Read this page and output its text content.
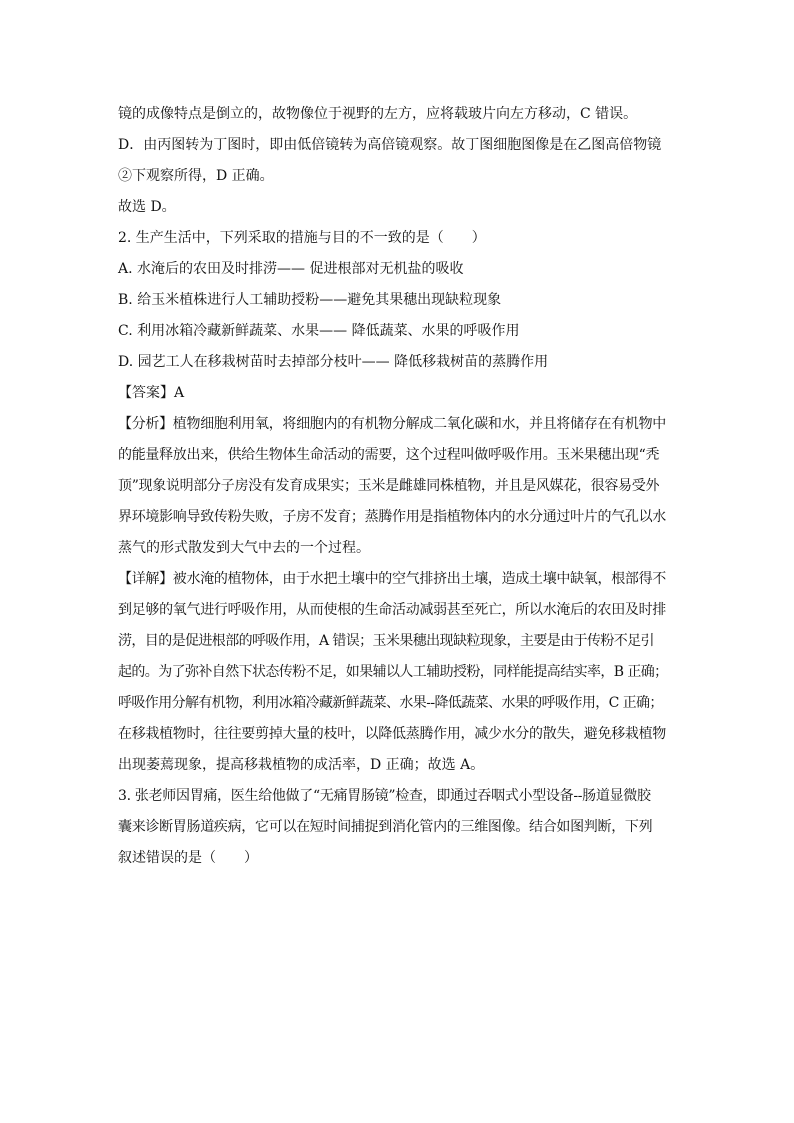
镜的成像特点是倒立的，故物像位于视野的左方，应将载玻片向左方移动，C 错误。
D．由丙图转为丁图时，即由低倍镜转为高倍镜观察。故丁图细胞图像是在乙图高倍物镜
②下观察所得，D 正确。
故选 D。
2. 生产生活中，下列采取的措施与目的不一致的是（　　）
A. 水淹后的农田及时排涝—— 促进根部对无机盐的吸收
B. 给玉米植株进行人工辅助授粉——避免其果穗出现缺粒现象
C. 利用冰箱冷藏新鲜蔬菜、水果—— 降低蔬菜、水果的呼吸作用
D. 园艺工人在移栽树苗时去掉部分枝叶—— 降低移栽树苗的蒸腾作用
【答案】A
【分析】植物细胞利用氧，将细胞内的有机物分解成二氧化碳和水，并且将储存在有机物中
的能量释放出来，供给生物体生命活动的需要，这个过程叫做呼吸作用。玉米果穗出现“秃
顶”现象说明部分子房没有发育成果实；玉米是雌雄同株植物，并且是风媒花，很容易受外
界环境影响导致传粉失败，子房不发育；蒸腾作用是指植物体内的水分通过叶片的气孔以水
蒸气的形式散发到大气中去的一个过程。
【详解】被水淹的植物体，由于水把土壤中的空气排挤出土壤，造成土壤中缺氧，根部得不
到足够的氧气进行呼吸作用，从而使根的生命活动减弱甚至死亡，所以水淹后的农田及时排
涝，目的是促进根部的呼吸作用，A 错误；玉米果穗出现缺粒现象，主要是由于传粉不足引
起的。为了弥补自然下状态传粉不足，如果辅以人工辅助授粉，同样能提高结实率，B 正确；
呼吸作用分解有机物，利用冰箱冷藏新鲜蔬菜、水果--降低蔬菜、水果的呼吸作用，C 正确；
在移栽植物时，往往要剪掉大量的枝叶，以降低蒸腾作用，减少水分的散失，避免移栽植物
出现萎蔫现象，提高移栽植物的成活率，D 正确；故选 A。
3. 张老师因胃痛，医生给他做了“无痛胃肠镜”检查，即通过吞咽式小型设备--肠道显微胶
囊来诊断胃肠道疾病，它可以在短时间捕捉到消化管内的三维图像。结合如图判断，下列
叙述错误的是（　　）
